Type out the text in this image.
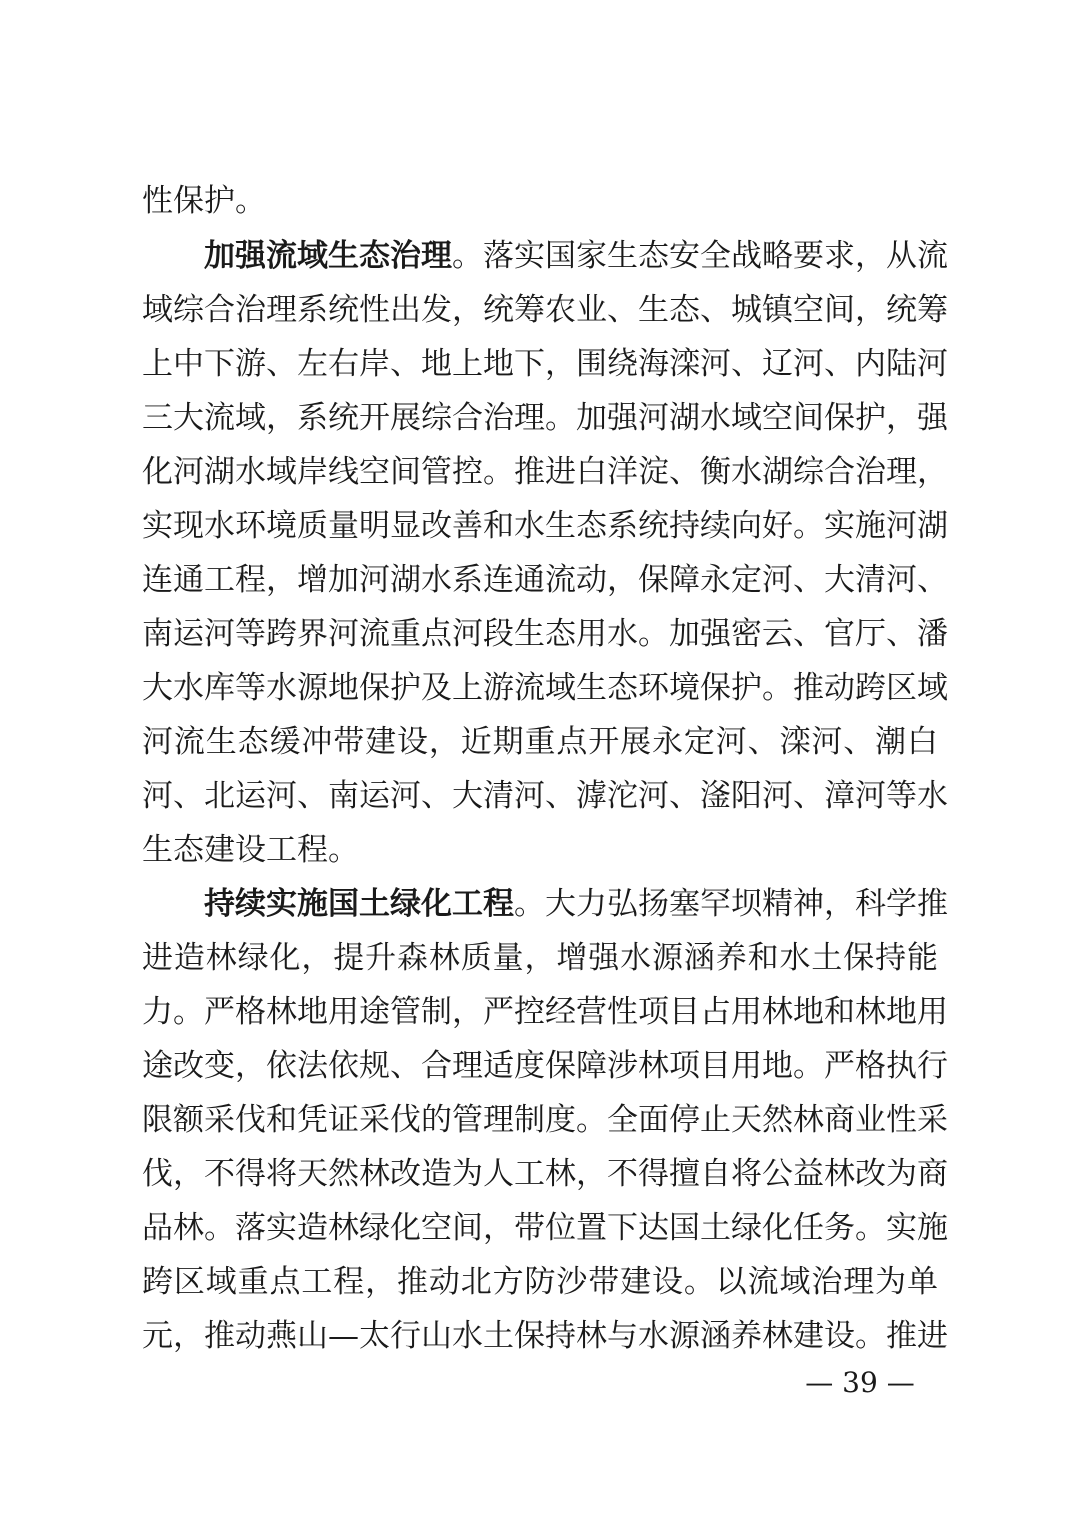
性保护。
加强流域生态治理。落实国家生态安全战略要求，从流
域综合治理系统性出发，统筹农业、生态、城镇空间，统筹
上中下游、左右岸、地上地下，围绕海滦河、辽河、内陆河
三大流域，系统开展综合治理。加强河湖水域空间保护，强
化河湖水域岸线空间管控。推进白洋淀、衡水湖综合治理，
实现水环境质量明显改善和水生态系统持续向好。实施河湖
连通工程，增加河湖水系连通流动，保障永定河、大清河、
南运河等跨界河流重点河段生态用水。加强密云、官厅、潘
大水库等水源地保护及上游流域生态环境保护。推动跨区域
河流生态缓冲带建设，近期重点开展永定河、滦河、潮白
河、北运河、南运河、大清河、滹沱河、滏阳河、漳河等水
生态建设工程。
持续实施国土绿化工程。大力弘扬塞罕坝精神，科学推
进造林绿化，提升森林质量，增强水源涵养和水土保持能
力。严格林地用途管制，严控经营性项目占用林地和林地用
途改变，依法依规、合理适度保障涉林项目用地。严格执行
限额采伐和凭证采伐的管理制度。全面停止天然林商业性采
伐，不得将天然林改造为人工林，不得擅自将公益林改为商
品林。落实造林绿化空间，带位置下达国土绿化任务。实施
跨区域重点工程，推动北方防沙带建设。以流域治理为单
元，推动燕山—太行山水土保持林与水源涵养林建设。推进
— 39 —
